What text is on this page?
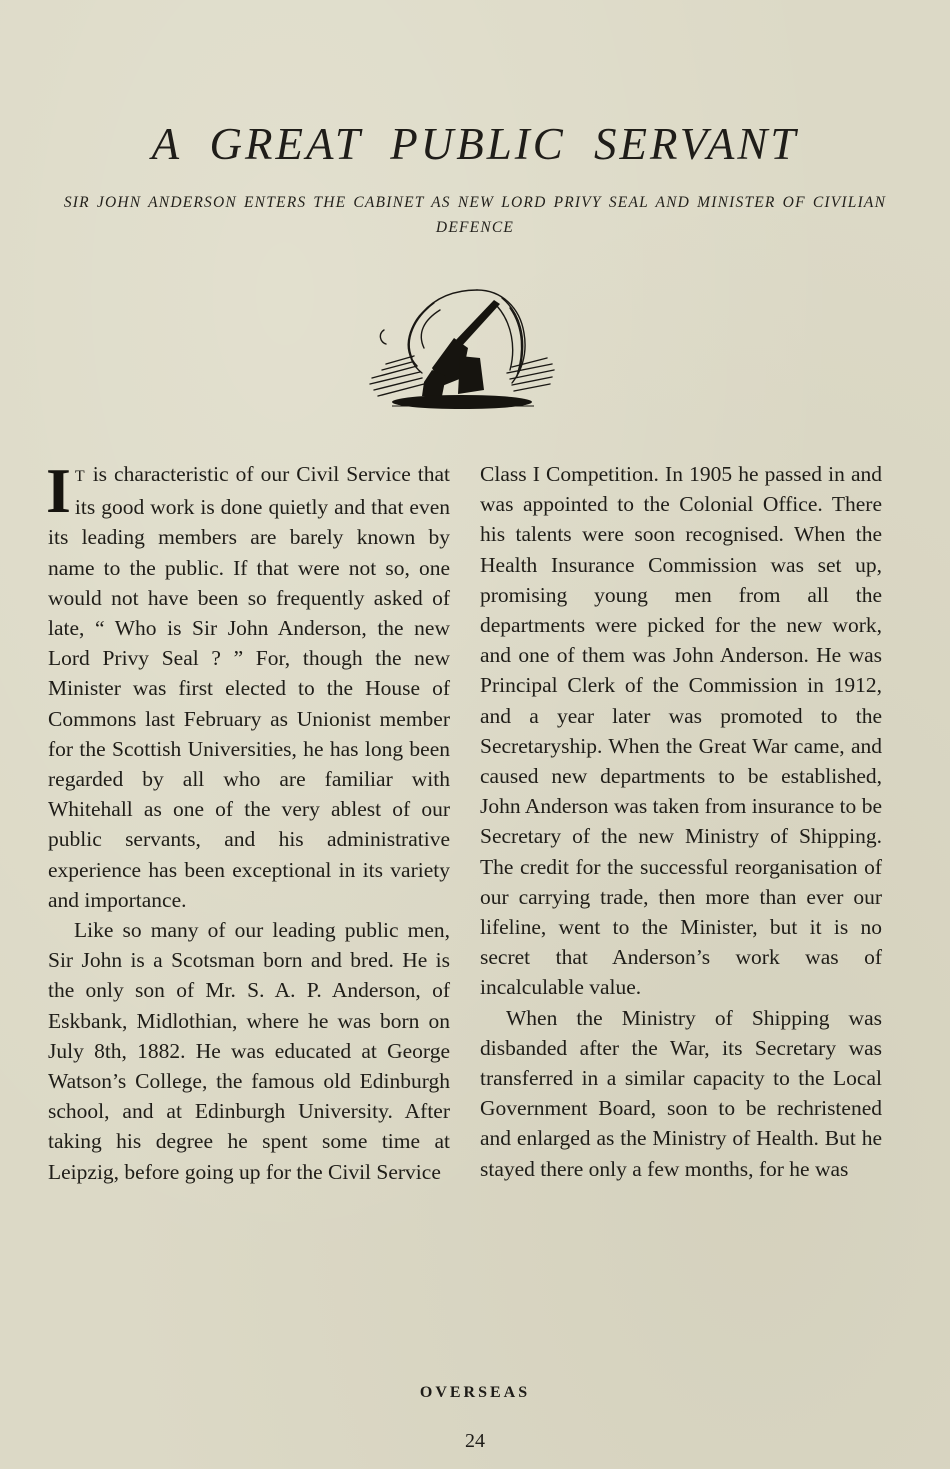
A GREAT PUBLIC SERVANT
SIR JOHN ANDERSON ENTERS THE CABINET AS NEW LORD PRIVY SEAL AND MINISTER OF CIVILIAN DEFENCE

I T is characteristic of our Civil Service that its good work is done quietly and that even its leading members are barely known by name to the public. If that were not so, one would not have been so frequently asked of late, “ Who is Sir John Anderson, the new Lord Privy Seal ? ” For, though the new Minister was first elected to the House of Commons last February as Unionist member for the Scottish Universities, he has long been regarded by all who are familiar with Whitehall as one of the very ablest of our public servants, and his administrative experience has been exceptional in its variety and importance.

Like so many of our leading public men, Sir John is a Scotsman born and bred. He is the only son of Mr. S. A. P. Anderson, of Eskbank, Midlothian, where he was born on July 8th, 1882. He was educated at George Watson’s College, the famous old Edinburgh school, and at Edinburgh University. After taking his degree he spent some time at Leipzig, before going up for the Civil Service

Class I Competition. In 1905 he passed in and was appointed to the Colonial Office. There his talents were soon recognised. When the Health Insurance Commission was set up, promising young men from all the departments were picked for the new work, and one of them was John Anderson. He was Principal Clerk of the Commission in 1912, and a year later was promoted to the Secretaryship. When the Great War came, and caused new departments to be established, John Anderson was taken from insurance to be Secretary of the new Ministry of Shipping. The credit for the successful reorganisation of our carrying trade, then more than ever our lifeline, went to the Minister, but it is no secret that Anderson’s work was of incalculable value.

When the Ministry of Shipping was disbanded after the War, its Secretary was transferred in a similar capacity to the Local Government Board, soon to be rechristened and enlarged as the Ministry of Health. But he stayed there only a few months, for he was

OVERSEAS
24
